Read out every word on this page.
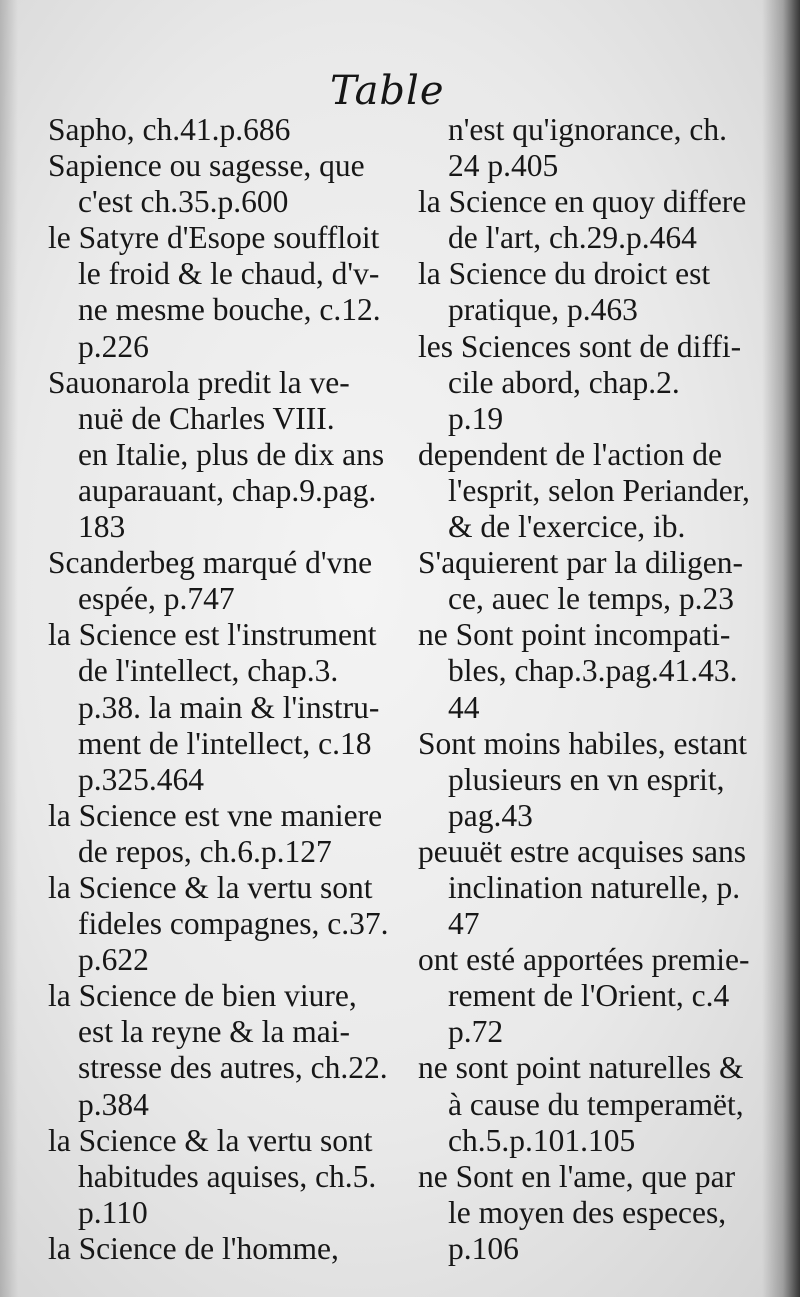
Table
Sapho, ch.41.p.686
Sapience ou sagesse, que
c'est ch.35.p.600
le Satyre d'Esope souffloit
le froid & le chaud, d'v-
ne mesme bouche, c.12.
p.226
Sauonarola predit la ve-
nuë de Charles VIII.
en Italie, plus de dix ans
auparauant, chap.9.pag.
183
Scanderbeg marqué d'vne
espée, p.747
la Science est l'instrument
de l'intellect, chap.3.
p.38. la main & l'instru-
ment de l'intellect, c.18
p.325.464
la Science est vne maniere
de repos, ch.6.p.127
la Science & la vertu sont
fideles compagnes, c.37.
p.622
la Science de bien viure,
est la reyne & la mai-
stresse des autres, ch.22.
p.384
la Science & la vertu sont
habitudes aquises, ch.5.
p.110
la Science de l'homme,
n'est qu'ignorance, ch.
24 p.405
la Science en quoy differe
de l'art, ch.29.p.464
la Science du droict est
pratique, p.463
les Sciences sont de diffi-
cile abord, chap.2.
p.19
dependent de l'action de
l'esprit, selon Periander,
& de l'exercice, ib.
S'aquierent par la diligen-
ce, auec le temps, p.23
ne Sont point incompati-
bles, chap.3.pag.41.43.
44
Sont moins habiles, estant
plusieurs en vn esprit,
pag.43
peuuët estre acquises sans
inclination naturelle, p.
47
ont esté apportées premie-
rement de l'Orient, c.4
p.72
ne sont point naturelles &
à cause du temperamët,
ch.5.p.101.105
ne Sont en l'ame, que par
le moyen des especes,
p.106
